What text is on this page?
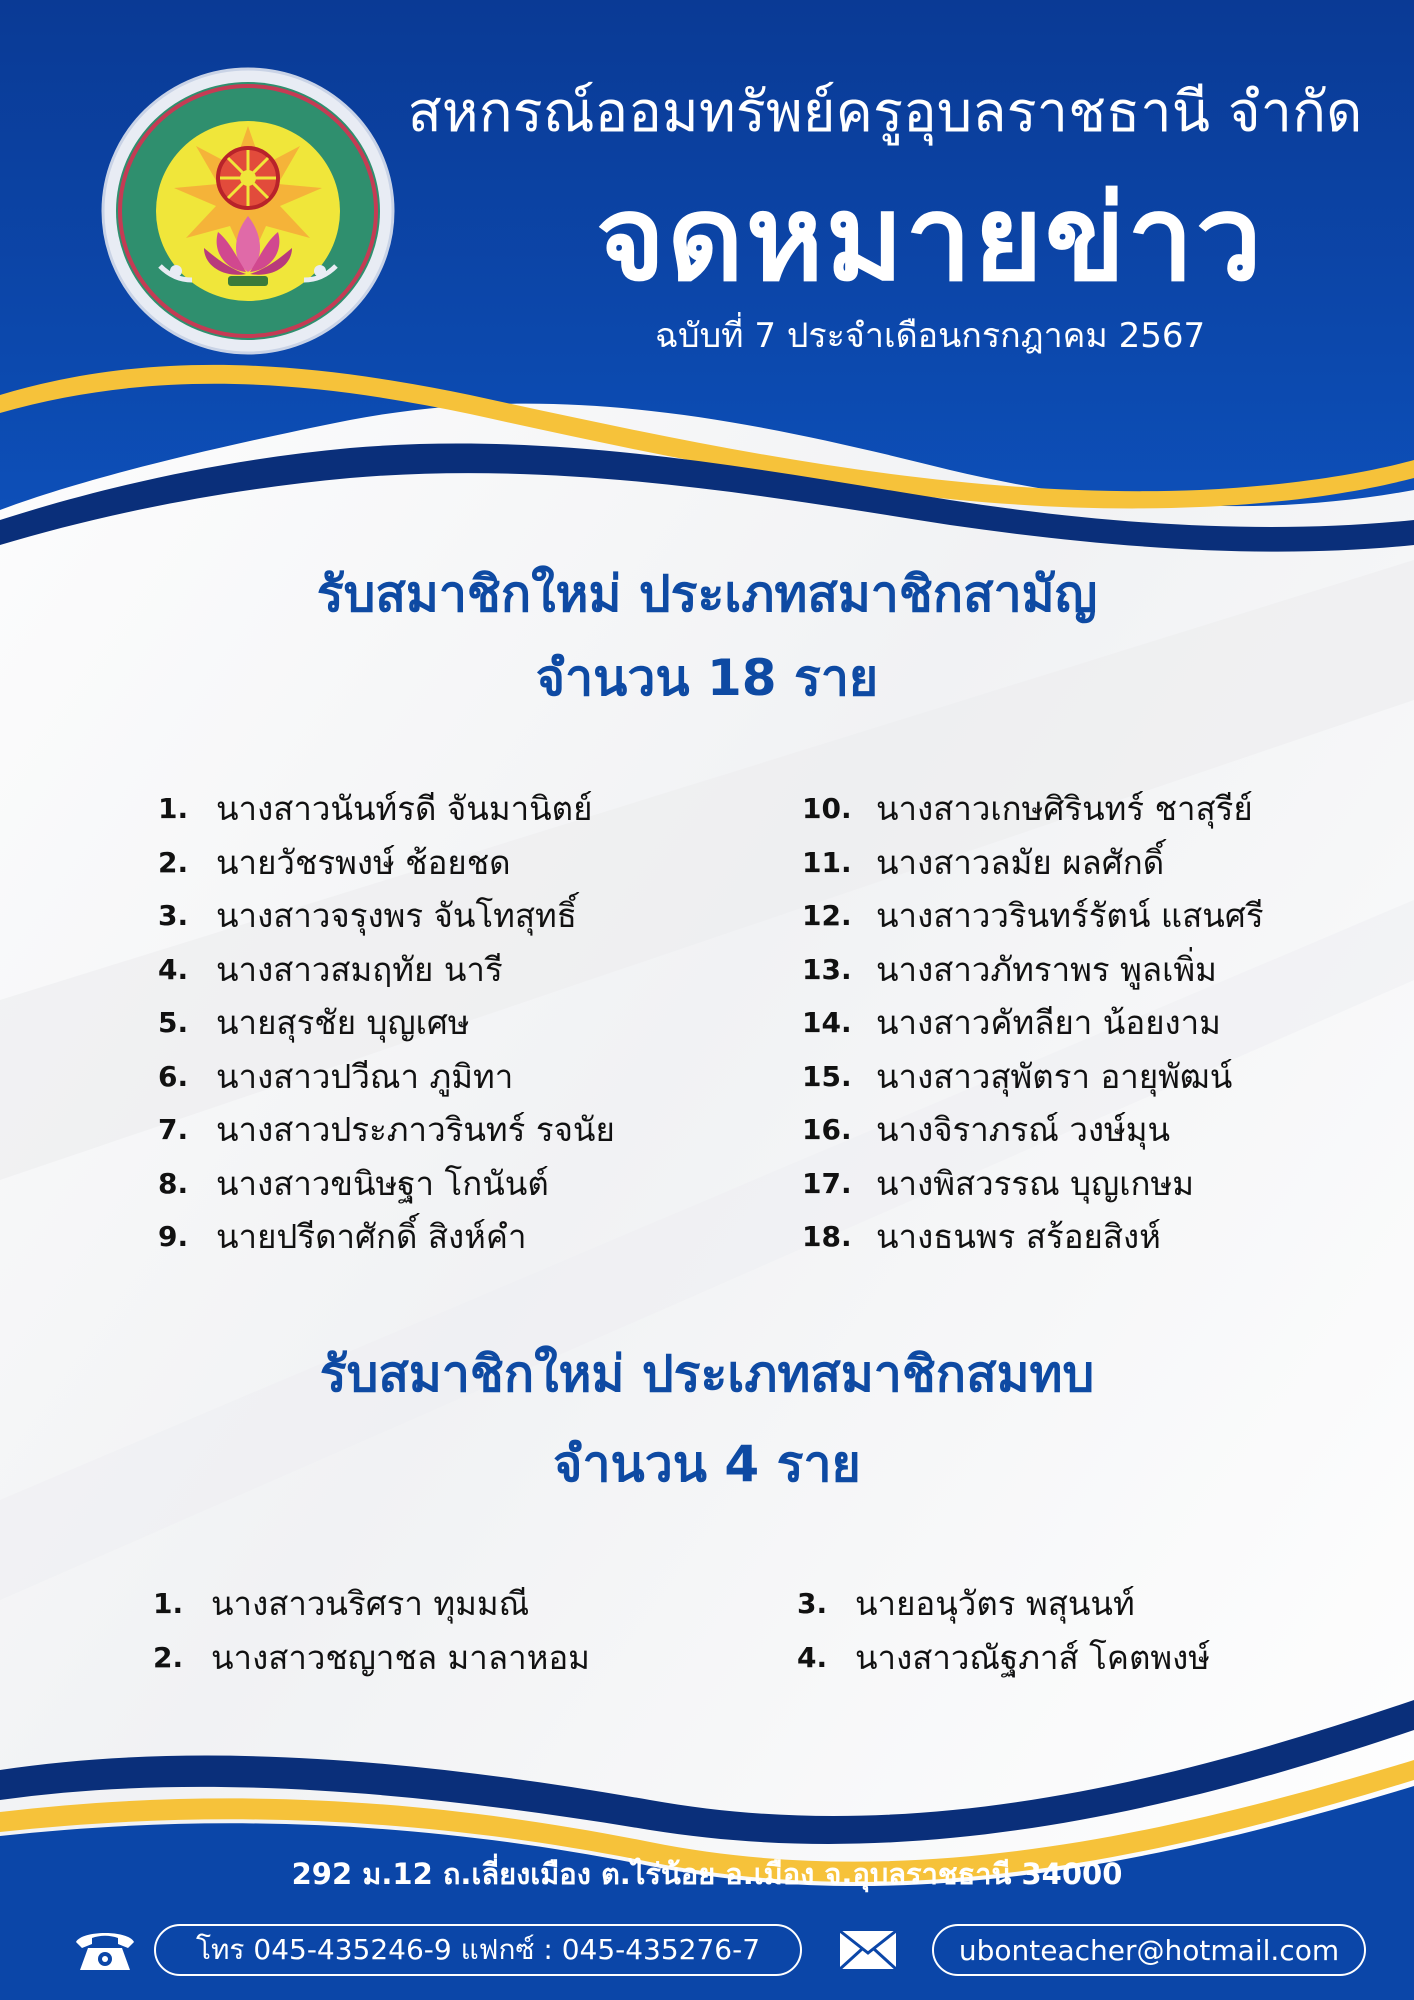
สหกรณ์ออมทรัพย์ครูอุบลราชธานี จำกัด
จดหมายข่าว
ฉบับที่ 7 ประจำเดือนกรกฎาคม 2567
รับสมาชิกใหม่ ประเภทสมาชิกสามัญ
จำนวน 18 ราย
1. นางสาวนันท์รดี จันมานิตย์
2. นายวัชรพงษ์ ช้อยชด
3. นางสาวจรุงพร จันโทสุทธิ์
4. นางสาวสมฤทัย นารี
5. นายสุรชัย บุญเศษ
6. นางสาวปวีณา ภูมิทา
7. นางสาวประภาวรินทร์ รจนัย
8. นางสาวขนิษฐา โกนันต์
9. นายปรีดาศักดิ์ สิงห์คำ
10. นางสาวเกษศิรินทร์ ชาสุรีย์
11. นางสาวลมัย ผลศักดิ์
12. นางสาววรินทร์รัตน์ แสนศรี
13. นางสาวภัทราพร พูลเพิ่ม
14. นางสาวคัทลียา น้อยงาม
15. นางสาวสุพัตรา อายุพัฒน์
16. นางจิราภรณ์ วงษ์มุน
17. นางพิสวรรณ บุญเกษม
18. นางธนพร สร้อยสิงห์
รับสมาชิกใหม่ ประเภทสมาชิกสมทบ
จำนวน 4 ราย
1. นางสาวนริศรา ทุมมณี
2. นางสาวชญาชล มาลาหอม
3. นายอนุวัตร พสุนนท์
4. นางสาวณัฐภาส์ โคตพงษ์
292 ม.12 ถ.เลี่ยงเมือง ต.ไร่น้อย อ.เมือง จ.อุบลราชธานี 34000
โทร 045-435246-9 แฟกซ์ : 045-435276-7	ubonteacher@hotmail.com
